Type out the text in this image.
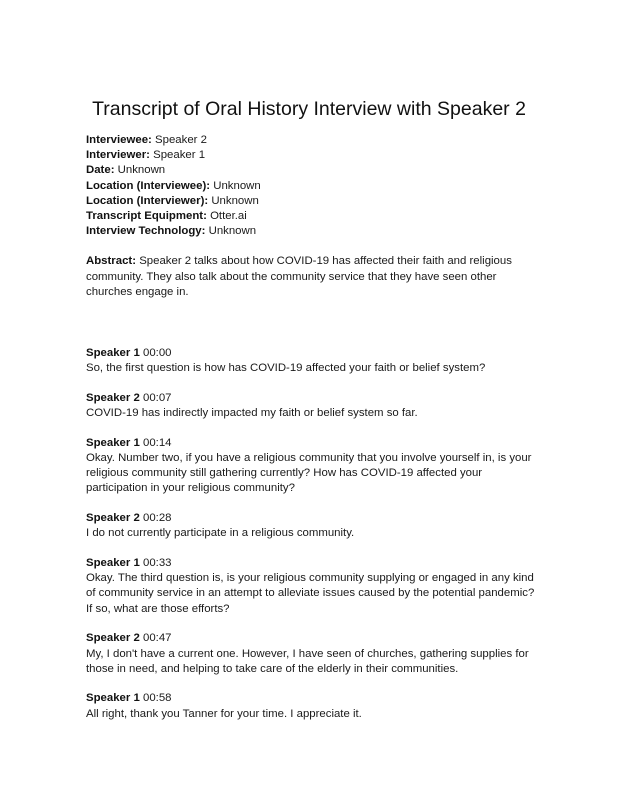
Transcript of Oral History Interview with Speaker 2
Interviewee: Speaker 2
Interviewer: Speaker 1
Date: Unknown
Location (Interviewee): Unknown
Location (Interviewer): Unknown
Transcript Equipment: Otter.ai
Interview Technology: Unknown
Abstract: Speaker 2 talks about how COVID-19 has affected their faith and religious
community. They also talk about the community service that they have seen other
churches engage in.
Speaker 1 00:00
So, the first question is how has COVID-19 affected your faith or belief system?
Speaker 2 00:07
COVID-19 has indirectly impacted my faith or belief system so far.
Speaker 1 00:14
Okay. Number two, if you have a religious community that you involve yourself in, is your
religious community still gathering currently? How has COVID-19 affected your
participation in your religious community?
Speaker 2 00:28
I do not currently participate in a religious community.
Speaker 1 00:33
Okay. The third question is, is your religious community supplying or engaged in any kind
of community service in an attempt to alleviate issues caused by the potential pandemic?
If so, what are those efforts?
Speaker 2 00:47
My, I don't have a current one. However, I have seen of churches, gathering supplies for
those in need, and helping to take care of the elderly in their communities.
Speaker 1 00:58
All right, thank you Tanner for your time. I appreciate it.
